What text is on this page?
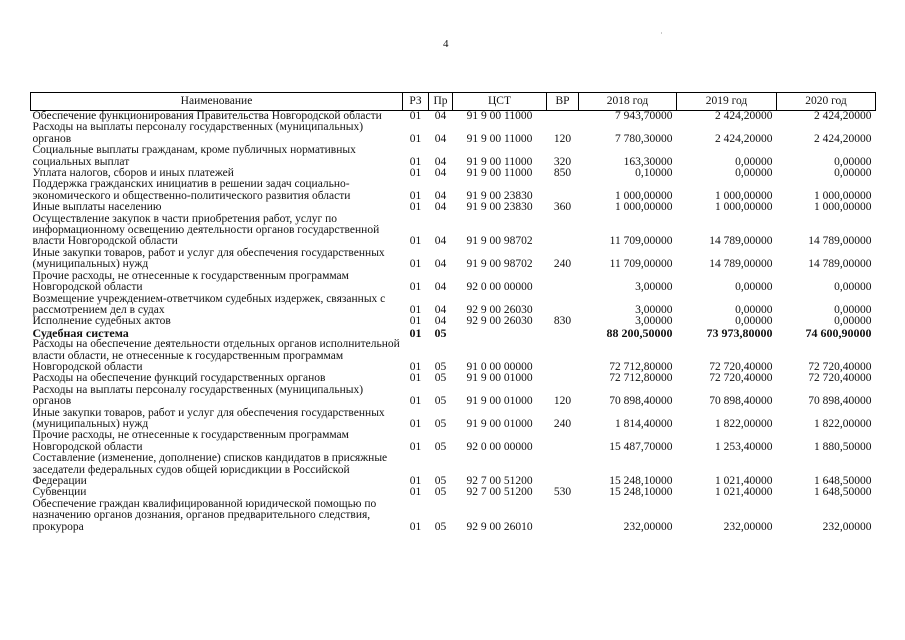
4
ʿ
Наименование	РЗ	Пр	ЦСТ	ВР	2018 год	2019 год	2020 год
Обеспечение функционирования Правительства Новгородской области	01	04	91 9 00 11000		7 943,70000	2 424,20000	2 424,20000
Расходы на выплаты персоналу государственных (муниципальных) органов	01	04	91 9 00 11000	120	7 780,30000	2 424,20000	2 424,20000
Социальные выплаты гражданам, кроме публичных нормативных социальных выплат	01	04	91 9 00 11000	320	163,30000	0,00000	0,00000
Уплата налогов, сборов и иных платежей	01	04	91 9 00 11000	850	0,10000	0,00000	0,00000
Поддержка гражданских инициатив в решении задач социально-экономического и общественно-политического развития области	01	04	91 9 00 23830		1 000,00000	1 000,00000	1 000,00000
Иные выплаты населению	01	04	91 9 00 23830	360	1 000,00000	1 000,00000	1 000,00000
Осуществление закупок в части приобретения работ, услуг по информационному освещению деятельности органов государственной власти Новгородской области	01	04	91 9 00 98702		11 709,00000	14 789,00000	14 789,00000
Иные закупки товаров, работ и услуг для обеспечения государственных (муниципальных) нужд	01	04	91 9 00 98702	240	11 709,00000	14 789,00000	14 789,00000
Прочие расходы, не отнесенные к государственным программам Новгородской области	01	04	92 0 00 00000		3,00000	0,00000	0,00000
Возмещение учреждением-ответчиком судебных издержек, связанных с рассмотрением дел в судах	01	04	92 9 00 26030		3,00000	0,00000	0,00000
Исполнение судебных актов	01	04	92 9 00 26030	830	3,00000	0,00000	0,00000
Судебная система	01	05			88 200,50000	73 973,80000	74 600,90000
Расходы на обеспечение деятельности отдельных органов исполнительной власти области, не отнесенные к государственным программам Новгородской области	01	05	91 0 00 00000		72 712,80000	72 720,40000	72 720,40000
Расходы на обеспечение функций государственных органов	01	05	91 9 00 01000		72 712,80000	72 720,40000	72 720,40000
Расходы на выплаты персоналу государственных (муниципальных) органов	01	05	91 9 00 01000	120	70 898,40000	70 898,40000	70 898,40000
Иные закупки товаров, работ и услуг для обеспечения государственных (муниципальных) нужд	01	05	91 9 00 01000	240	1 814,40000	1 822,00000	1 822,00000
Прочие расходы, не отнесенные к государственным программам Новгородской области	01	05	92 0 00 00000		15 487,70000	1 253,40000	1 880,50000
Составление (изменение, дополнение) списков кандидатов в присяжные заседатели федеральных судов общей юрисдикции в Российской Федерации	01	05	92 7 00 51200		15 248,10000	1 021,40000	1 648,50000
Субвенции	01	05	92 7 00 51200	530	15 248,10000	1 021,40000	1 648,50000
Обеспечение граждан квалифицированной юридической помощью по назначению органов дознания, органов предварительного следствия, прокурора	01	05	92 9 00 26010		232,00000	232,00000	232,00000
